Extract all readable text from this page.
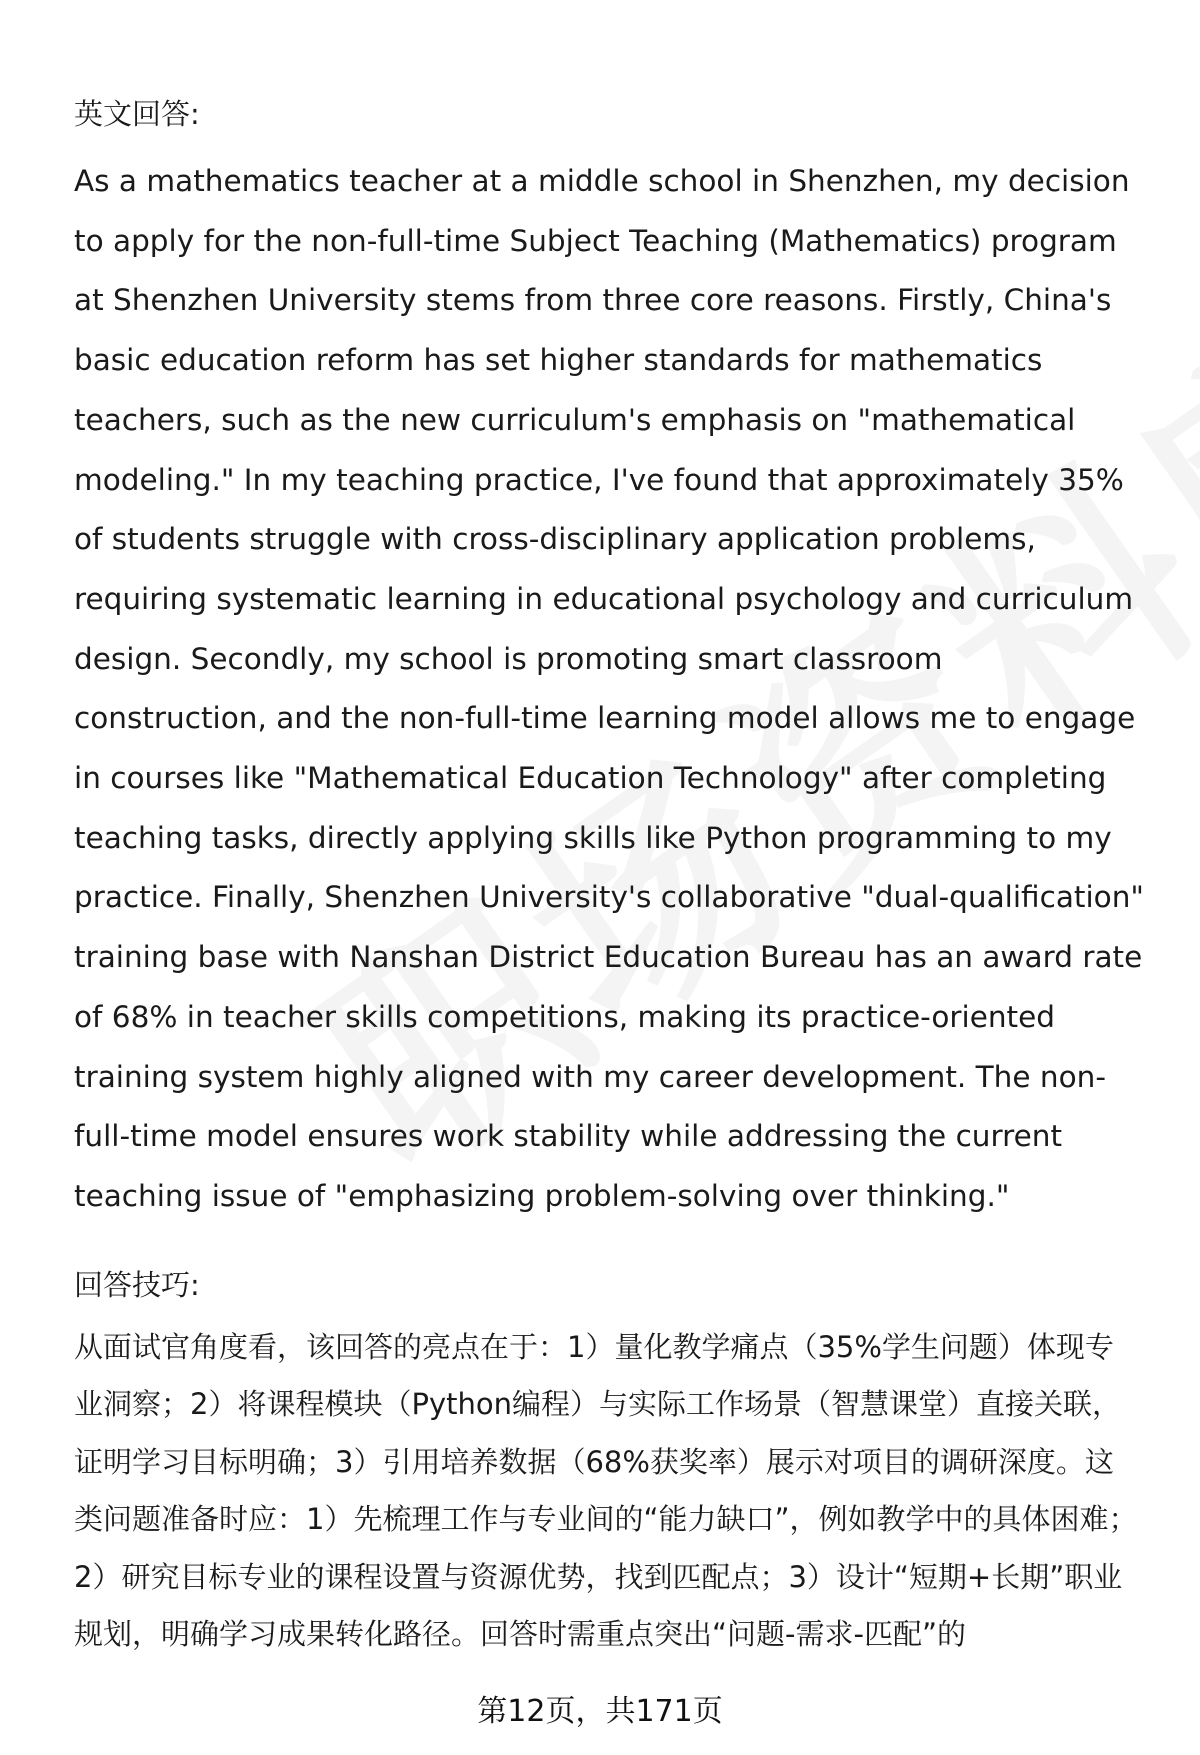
英文回答:

As a mathematics teacher at a middle school in Shenzhen, my decision to apply for the non-full-time Subject Teaching (Mathematics) program at Shenzhen University stems from three core reasons. Firstly, China's basic education reform has set higher standards for mathematics teachers, such as the new curriculum's emphasis on "mathematical modeling." In my teaching practice, I've found that approximately 35% of students struggle with cross-disciplinary application problems, requiring systematic learning in educational psychology and curriculum design. Secondly, my school is promoting smart classroom construction, and the non-full-time learning model allows me to engage in courses like "Mathematical Education Technology" after completing teaching tasks, directly applying skills like Python programming to my practice. Finally, Shenzhen University's collaborative "dual-qualification" training base with Nanshan District Education Bureau has an award rate of 68% in teacher skills competitions, making its practice-oriented training system highly aligned with my career development. The non-full-time model ensures work stability while addressing the current teaching issue of "emphasizing problem-solving over thinking."

回答技巧:

从面试官角度看，该回答的亮点在于：1）量化教学痛点（35%学生问题）体现专业洞察；2）将课程模块（Python编程）与实际工作场景（智慧课堂）直接关联，证明学习目标明确；3）引用培养数据（68%获奖率）展示对项目的调研深度。这类问题准备时应：1）先梳理工作与专业间的“能力缺口”，例如教学中的具体困难；2）研究目标专业的课程设置与资源优势，找到匹配点；3）设计“短期+长期”职业规划，明确学习成果转化路径。回答时需重点突出“问题-需求-匹配”的

第12页，共171页
